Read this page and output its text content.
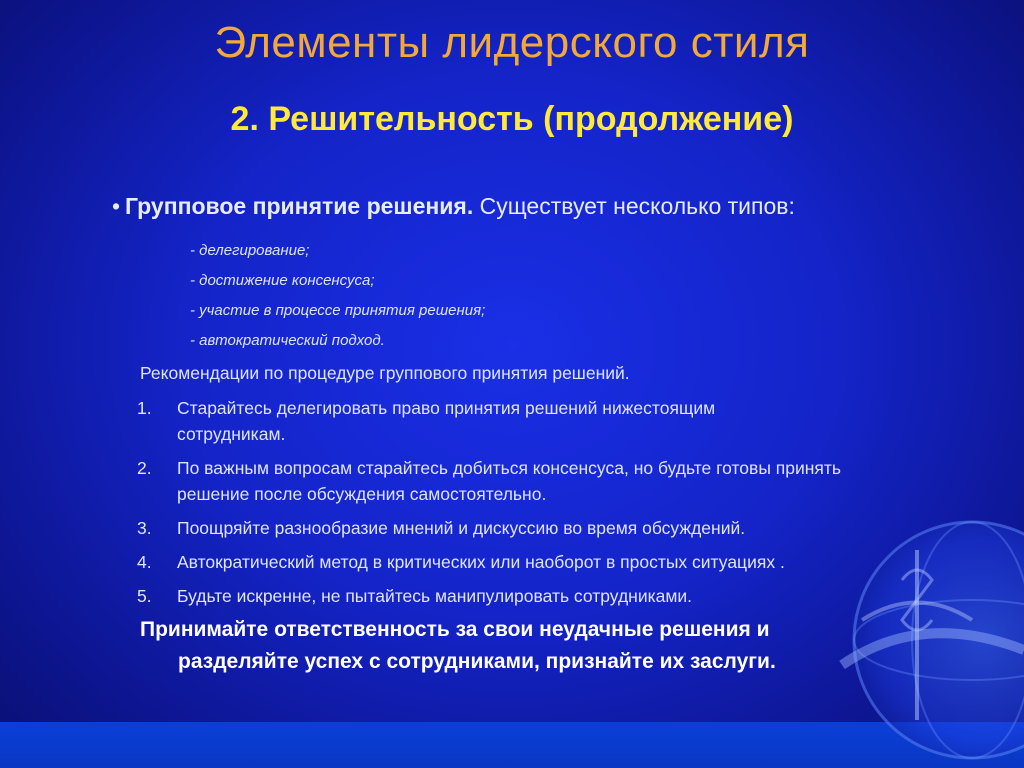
Элементы лидерского стиля
2. Решительность (продолжение)
• Групповое принятие решения. Существует несколько типов:
- делегирование;
- достижение консенсуса;
- участие в процессе принятия решения;
- автократический подход.
Рекомендации по процедуре группового принятия решений.
1. Старайтесь делегировать право принятия решений нижестоящим сотрудникам.
2. По важным вопросам старайтесь добиться консенсуса, но будьте готовы принять решение после обсуждения самостоятельно.
3. Поощряйте разнообразие мнений и дискуссию во время обсуждений.
4. Автократический метод в критических или наоборот в простых ситуациях .
5. Будьте искренне, не пытайтесь манипулировать сотрудниками.
Принимайте ответственность за свои неудачные решения и
разделяйте успех с сотрудниками, признайте их заслуги.
